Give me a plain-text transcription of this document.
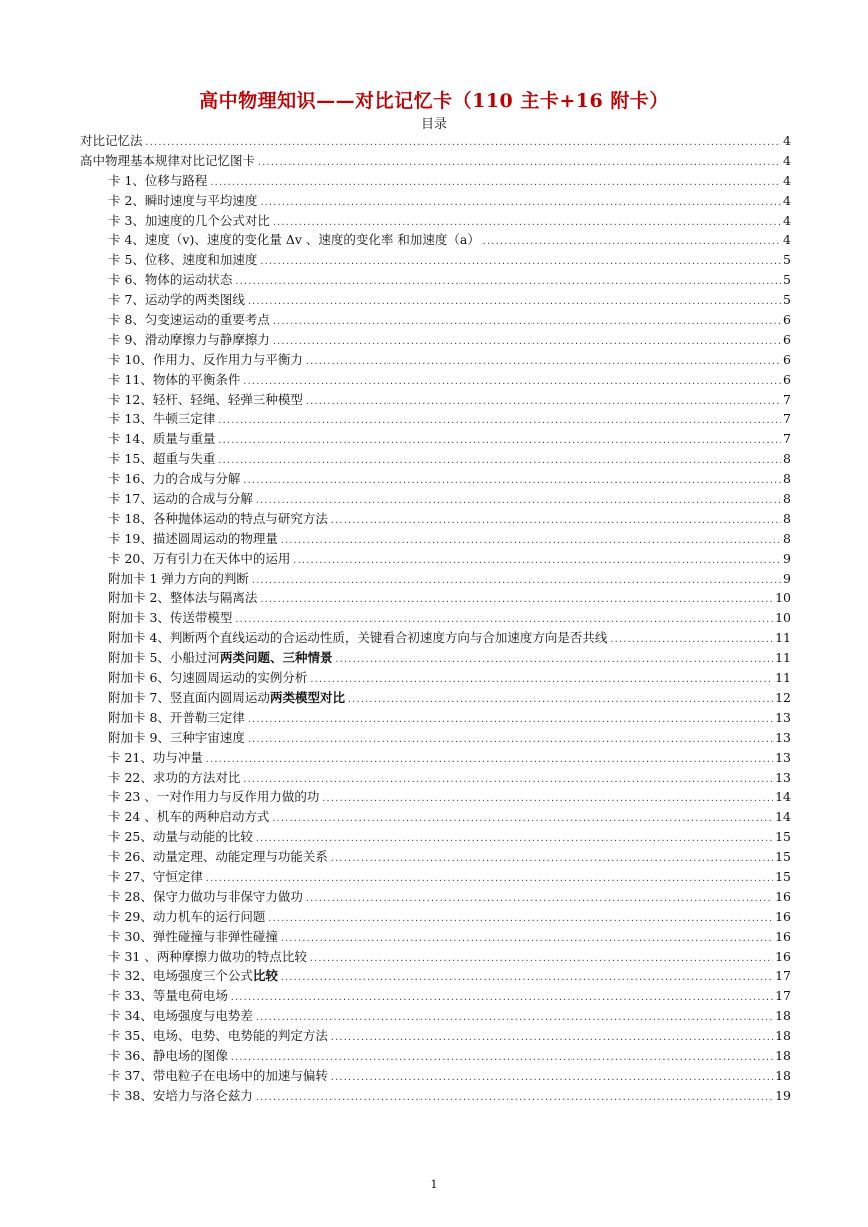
高中物理知识——对比记忆卡（110 主卡+16 附卡）
目录
对比记忆法 .....	4
高中物理基本规律对比记忆图卡 .....	4
卡 1、位移与路程 .....	4
卡 2、瞬时速度与平均速度 .....	4
卡 3、加速度的几个公式对比 .....	4
卡 4、速度（v)、速度的变化量 Δv 、速度的变化率 和加速度（a） .....	4
卡 5、位移、速度和加速度 .....	5
卡 6、物体的运动状态 .....	5
卡 7、运动学的两类图线 .....	5
卡 8、匀变速运动的重要考点 .....	6
卡 9、滑动摩擦力与静摩擦力 .....	6
卡 10、作用力、反作用力与平衡力 .....	6
卡 11、物体的平衡条件 .....	6
卡 12、轻杆、轻绳、轻弹三种模型 .....	7
卡 13、牛顿三定律 .....	7
卡 14、质量与重量 .....	7
卡 15、超重与失重 .....	8
卡 16、力的合成与分解 .....	8
卡 17、运动的合成与分解 .....	8
卡 18、各种抛体运动的特点与研究方法 .....	8
卡 19、描述圆周运动的物理量 .....	8
卡 20、万有引力在天体中的运用 .....	9
附加卡 1 弹力方向的判断 .....	9
附加卡 2、整体法与隔离法 .....	10
附加卡 3、传送带模型 .....	10
附加卡 4、判断两个直线运动的合运动性质，关键看合初速度方向与合加速度方向是否共线 .....	11
附加卡 5、小船过河两类问题、三种情景 .....	11
附加卡 6、匀速圆周运动的实例分析 .....	11
附加卡 7、竖直面内圆周运动两类模型对比 .....	12
附加卡 8、开普勒三定律 .....	13
附加卡 9、三种宇宙速度 .....	13
卡 21、功与冲量 .....	13
卡 22、求功的方法对比 .....	13
卡 23 、一对作用力与反作用力做的功 .....	14
卡 24 、机车的两种启动方式 .....	14
卡 25、动量与动能的比较 .....	15
卡 26、动量定理、动能定理与功能关系 .....	15
卡 27、守恒定律 .....	15
卡 28、保守力做功与非保守力做功 .....	16
卡 29、动力机车的运行问题 .....	16
卡 30、弹性碰撞与非弹性碰撞 .....	16
卡 31 、两种摩擦力做功的特点比较 .....	16
卡 32、电场强度三个公式比较 .....	17
卡 33、等量电荷电场 .....	17
卡 34、电场强度与电势差 .....	18
卡 35、电场、电势、电势能的判定方法 .....	18
卡 36、静电场的图像 .....	18
卡 37、带电粒子在电场中的加速与偏转 .....	18
卡 38、安培力与洛仑兹力 .....	19
1
